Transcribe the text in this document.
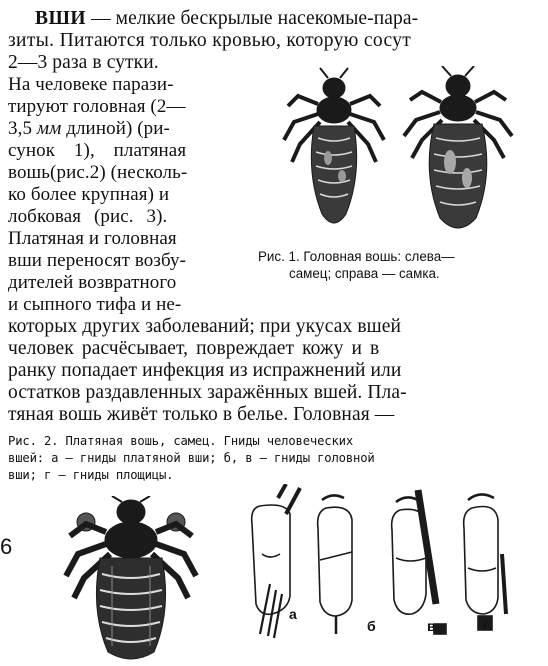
ВШИ — мелкие бескрылые насекомые-пара-
зиты. Питаются только кровью, которую сосут
2—3 раза в сутки.
На человеке парази-
тируют головная (2—
3,5 мм длиной) (ри-
сунок 1), платяная
вошь(рис.2) (несколь-
ко более крупная) и
лобковая (рис. 3).
Платяная и головная
вши переносят возбу-
дителей возвратного
и сыпного тифа и не-
которых других заболеваний; при укусах вшей
человек расчёсывает, повреждает кожу и в
ранку попадает инфекция из испражнений или
остатков раздавленных заражённых вшей. Пла-
тяная вошь живёт только в белье. Головная —
Рис. 1. Головная вошь: слева—
самец; справа — самка.
Рис. 2. Платяная вошь, самец. Гниды человеческих
вшей: а — гниды платяной вши; б, в — гниды головной
вши; г — гниды площицы.
6
а
б	в	г
